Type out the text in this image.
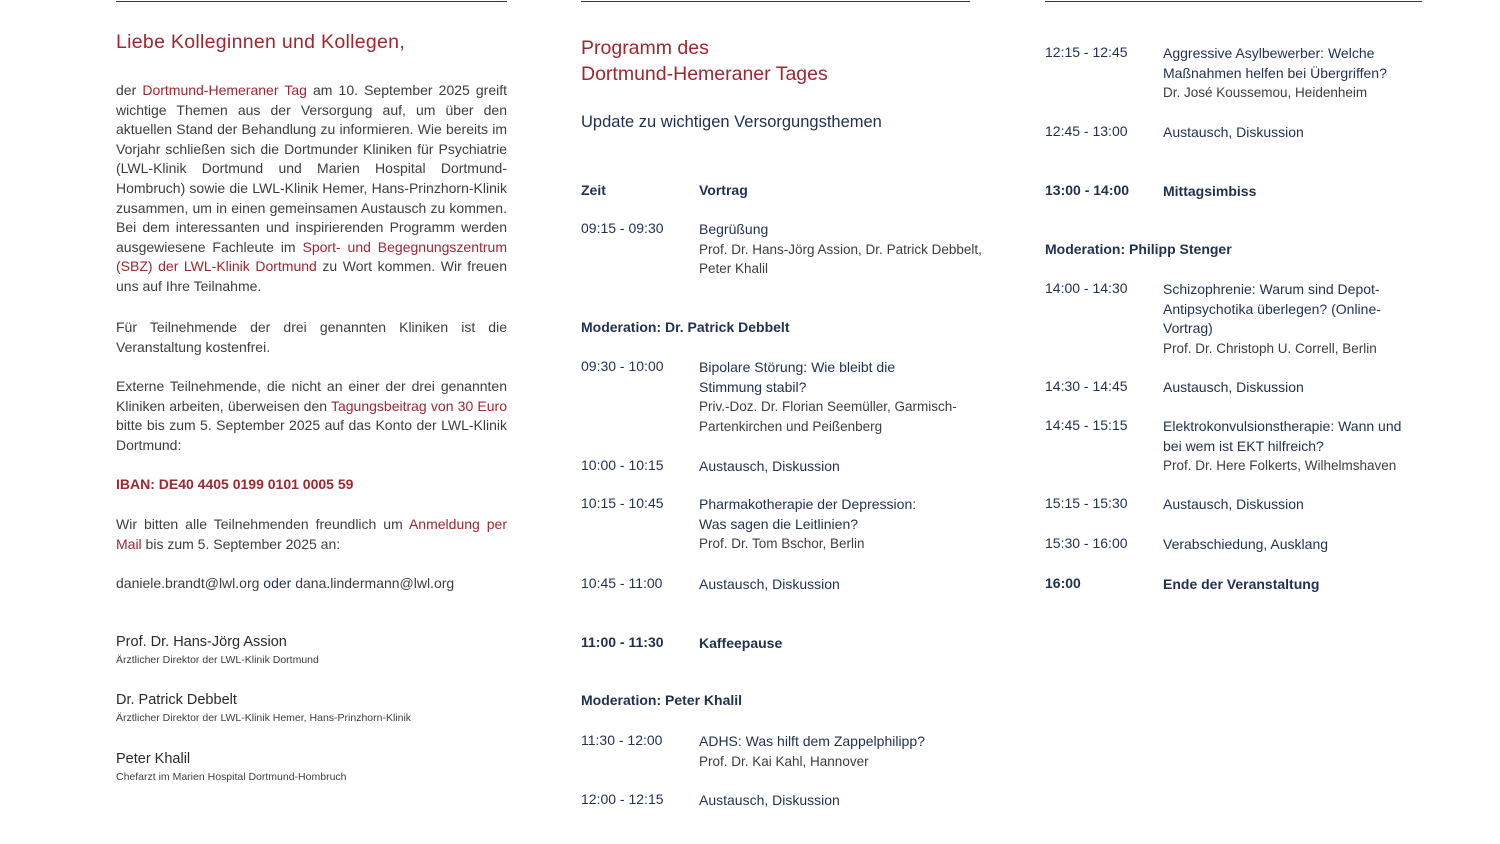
Liebe Kolleginnen und Kollegen,
der Dortmund-Hemeraner Tag am 10. September 2025 greift wichtige Themen aus der Versorgung auf, um über den aktuellen Stand der Behandlung zu informieren. Wie bereits im Vorjahr schließen sich die Dortmunder Kliniken für Psychiatrie (LWL-Klinik Dortmund und Marien Hospital Dortmund-Hombruch) sowie die LWL-Klinik Hemer, Hans-Prinzhorn-Klinik zusammen, um in einen gemeinsamen Austausch zu kommen. Bei dem interessanten und inspirierenden Programm werden ausgewiesene Fachleute im Sport- und Begegnungszentrum (SBZ) der LWL-Klinik Dortmund zu Wort kommen. Wir freuen uns auf Ihre Teilnahme.
Für Teilnehmende der drei genannten Kliniken ist die Veranstaltung kostenfrei.
Externe Teilnehmende, die nicht an einer der drei genannten Kliniken arbeiten, überweisen den Tagungsbeitrag von 30 Euro bitte bis zum 5. September 2025 auf das Konto der LWL-Klinik Dortmund:
IBAN: DE40 4405 0199 0101 0005 59
Wir bitten alle Teilnehmenden freundlich um Anmeldung per Mail bis zum 5. September 2025 an:
daniele.brandt@lwl.org oder dana.lindermann@lwl.org
Prof. Dr. Hans-Jörg Assion
Ärztlicher Direktor der LWL-Klinik Dortmund
Dr. Patrick Debbelt
Ärztlicher Direktor der LWL-Klinik Hemer, Hans-Prinzhorn-Klinik
Peter Khalil
Chefarzt im Marien Hospital Dortmund-Hombruch
Programm des
Dortmund-Hemeraner Tages
Update zu wichtigen Versorgungsthemen
Zeit	Vortrag
09:15 - 09:30	Begrüßung
Prof. Dr. Hans-Jörg Assion, Dr. Patrick Debbelt, Peter Khalil
Moderation: Dr. Patrick Debbelt
09:30 - 10:00	Bipolare Störung: Wie bleibt die Stimmung stabil?
Priv.-Doz. Dr. Florian Seemüller, Garmisch-Partenkirchen und Peißenberg
10:00 - 10:15	Austausch, Diskussion
10:15 - 10:45	Pharmakotherapie der Depression: Was sagen die Leitlinien?
Prof. Dr. Tom Bschor, Berlin
10:45 - 11:00	Austausch, Diskussion
11:00 - 11:30	Kaffeepause
Moderation: Peter Khalil
11:30 - 12:00	ADHS: Was hilft dem Zappelphilipp?
Prof. Dr. Kai Kahl, Hannover
12:00 - 12:15	Austausch, Diskussion
12:15 - 12:45	Aggressive Asylbewerber: Welche Maßnahmen helfen bei Übergriffen?
Dr. José Koussemou, Heidenheim
12:45 - 13:00	Austausch, Diskussion
13:00 - 14:00 Mittagsimbiss
Moderation: Philipp Stenger
14:00 - 14:30	Schizophrenie: Warum sind Depot-Antipsychotika überlegen? (Online-Vortrag)
Prof. Dr. Christoph U. Correll, Berlin
14:30 - 14:45	Austausch, Diskussion
14:45 - 15:15	Elektrokonvulsionstherapie: Wann und bei wem ist EKT hilfreich?
Prof. Dr. Here Folkerts, Wilhelmshaven
15:15 - 15:30	Austausch, Diskussion
15:30 - 16:00	Verabschiedung, Ausklang
16:00	Ende der Veranstaltung
